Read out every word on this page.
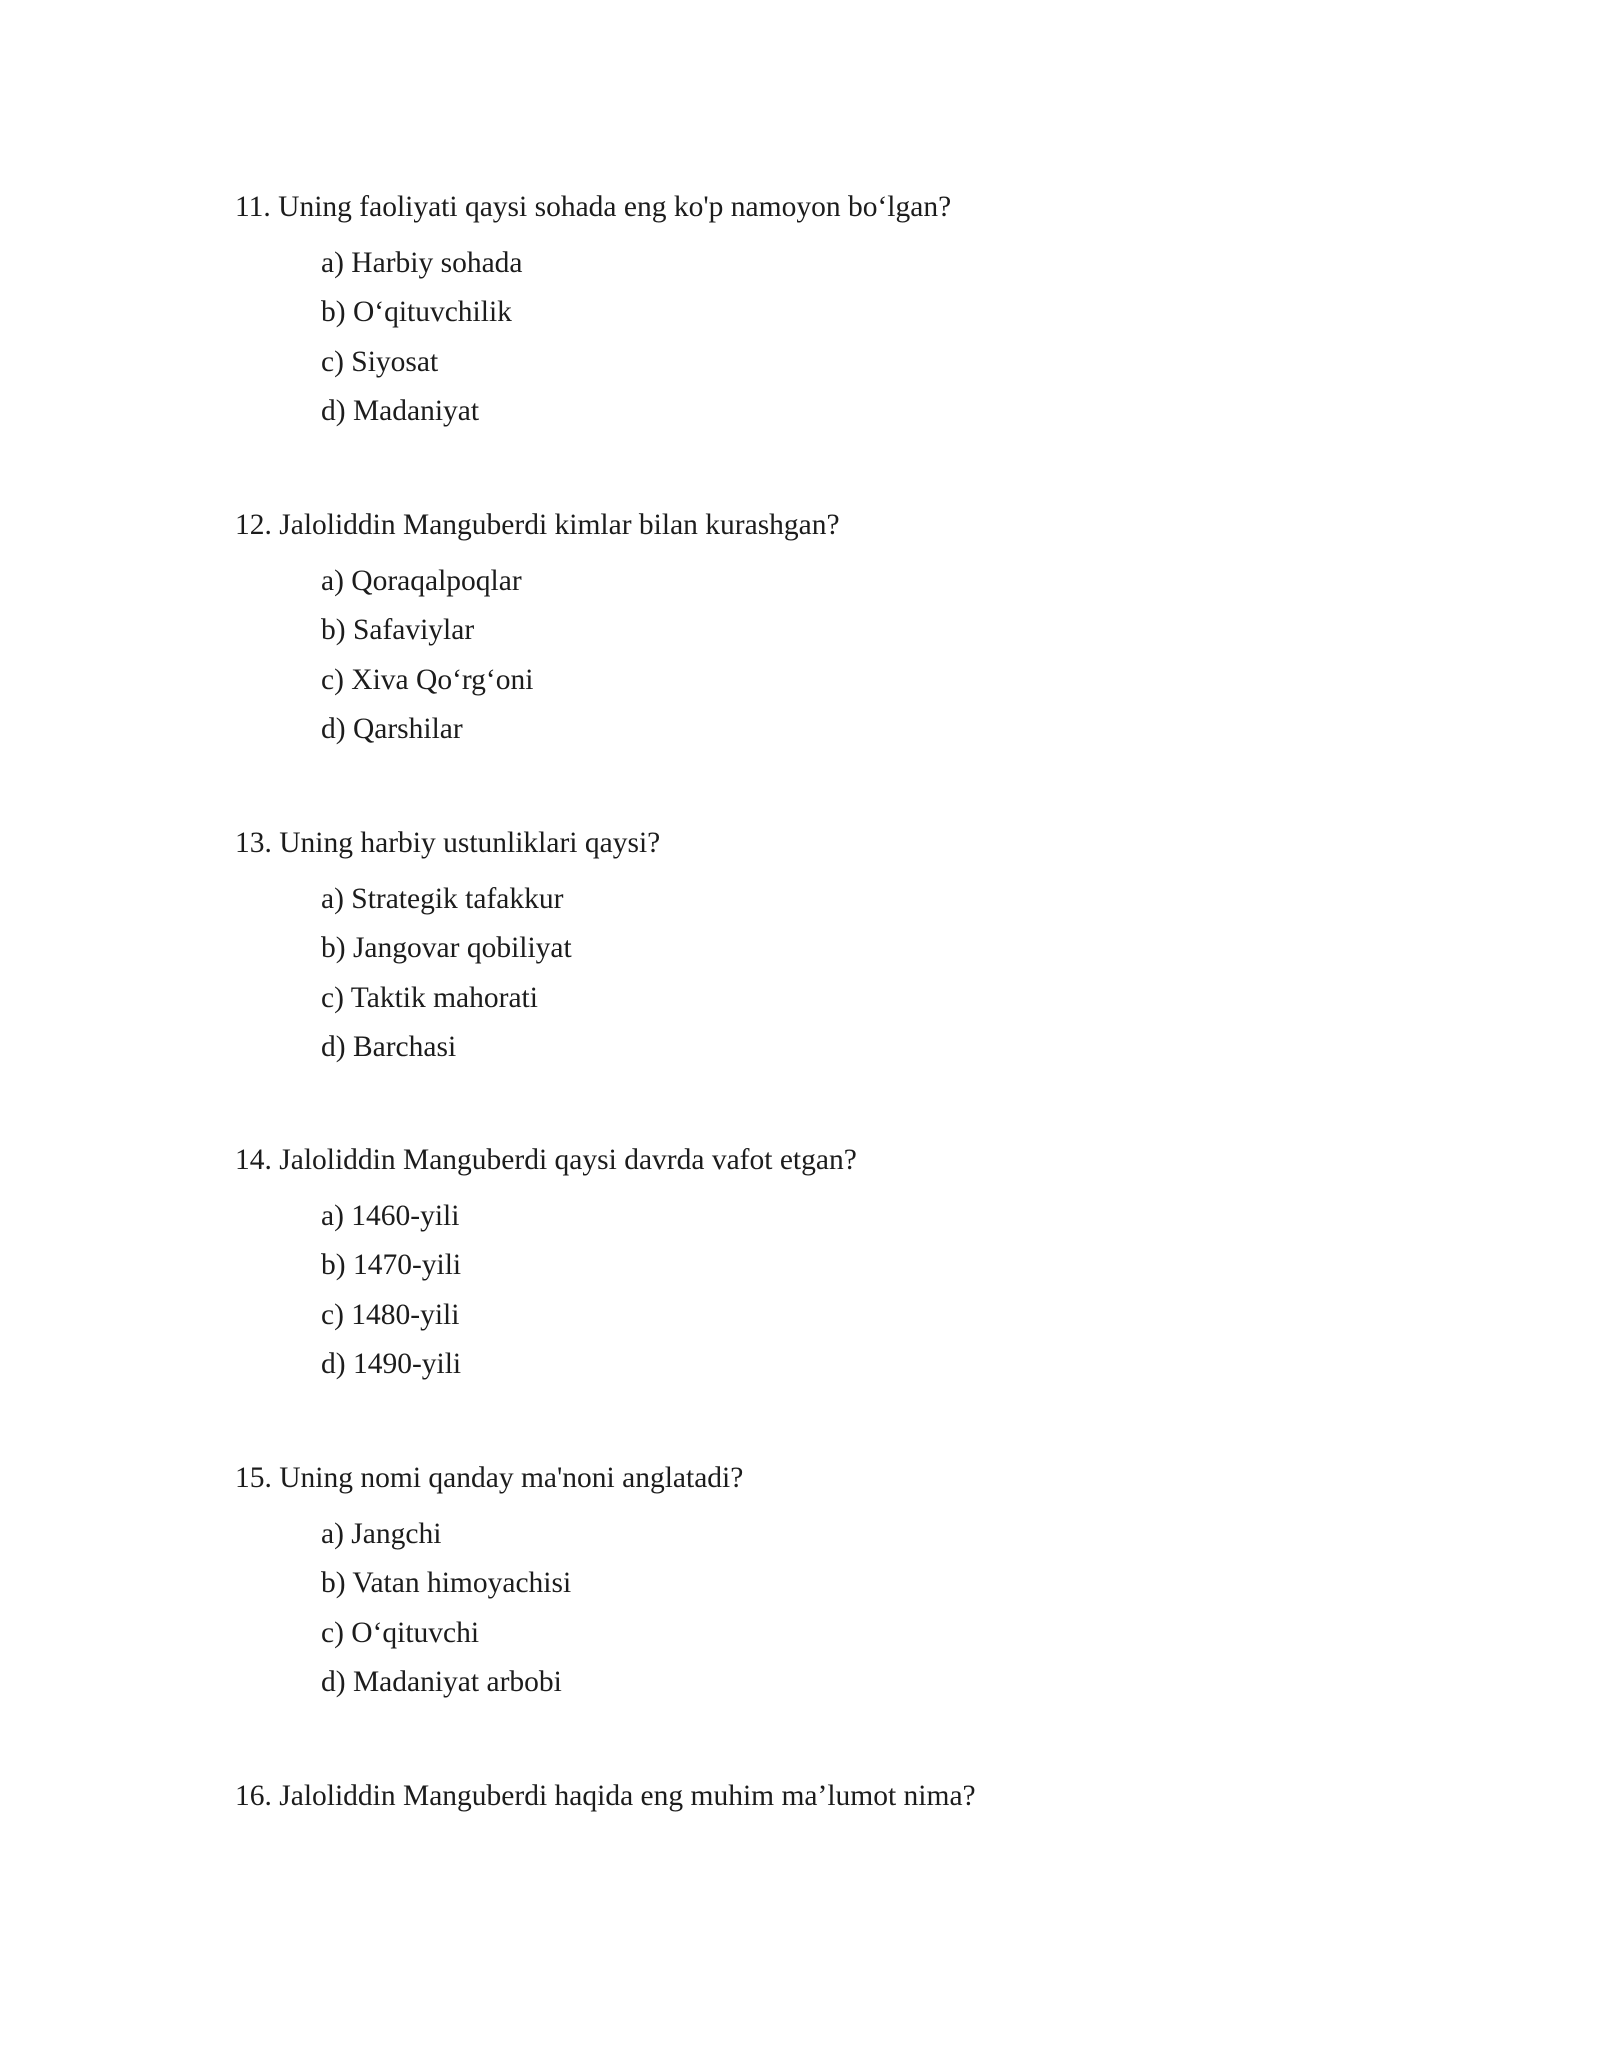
11. Uning faoliyati qaysi sohada eng ko'p namoyon bo‘lgan?

a) Harbiy sohada
b) O‘qituvchilik
c) Siyosat
d) Madaniyat

12. Jaloliddin Manguberdi kimlar bilan kurashgan?

a) Qoraqalpoqlar
b) Safaviylar
c) Xiva Qo‘rg‘oni
d) Qarshilar

13. Uning harbiy ustunliklari qaysi?

a) Strategik tafakkur
b) Jangovar qobiliyat
c) Taktik mahorati
d) Barchasi

14. Jaloliddin Manguberdi qaysi davrda vafot etgan?

a) 1460-yili
b) 1470-yili
c) 1480-yili
d) 1490-yili

15. Uning nomi qanday ma'noni anglatadi?

a) Jangchi
b) Vatan himoyachisi
c) O‘qituvchi
d) Madaniyat arbobi

16. Jaloliddin Manguberdi haqida eng muhim ma’lumot nima?
